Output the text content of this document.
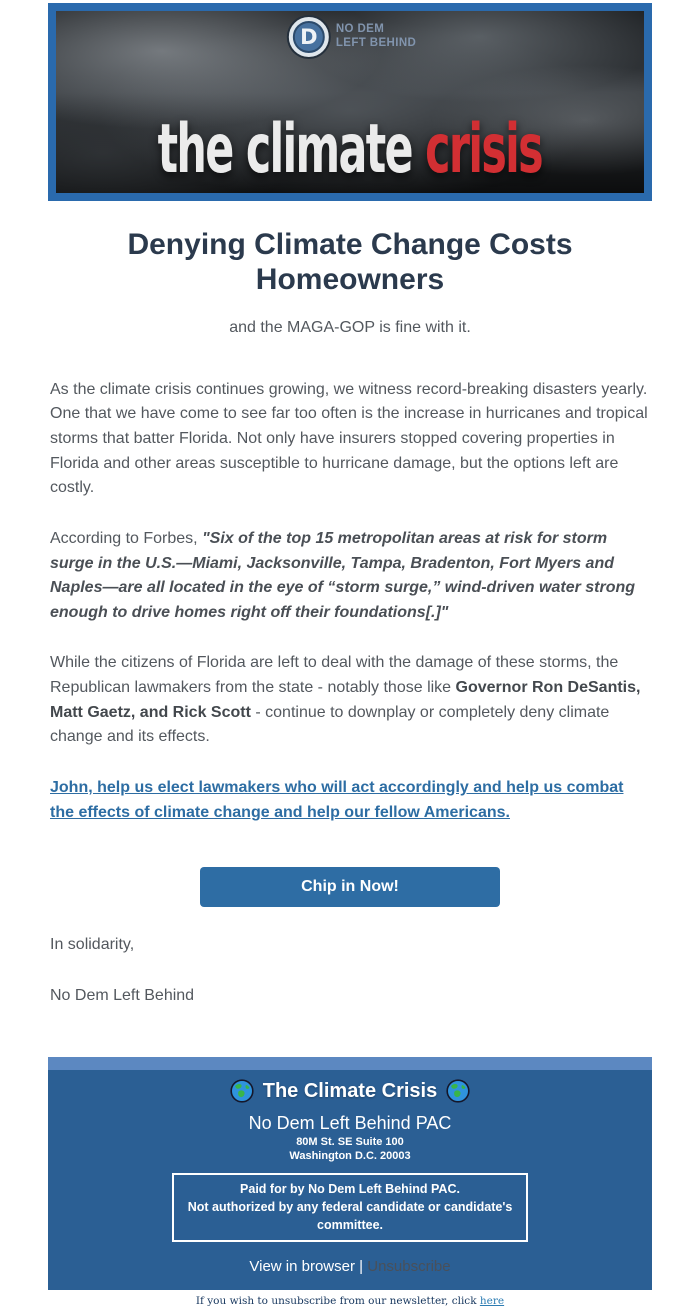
D NO DEM
LEFT BEHIND
the climate crisis
Denying Climate Change Costs Homeowners
and the MAGA-GOP is fine with it.

As the climate crisis continues growing, we witness record-breaking disasters yearly. One that we have come to see far too often is the increase in hurricanes and tropical storms that batter Florida. Not only have insurers stopped covering properties in Florida and other areas susceptible to hurricane damage, but the options left are costly.

According to Forbes, "Six of the top 15 metropolitan areas at risk for storm surge in the U.S.—Miami, Jacksonville, Tampa, Bradenton, Fort Myers and Naples—are all located in the eye of “storm surge,” wind-driven water strong enough to drive homes right off their foundations[.]"

While the citizens of Florida are left to deal with the damage of these storms, the Republican lawmakers from the state - notably those like Governor Ron DeSantis, Matt Gaetz, and Rick Scott - continue to downplay or completely deny climate change and its effects.

John, help us elect lawmakers who will act accordingly and help us combat the effects of climate change and help our fellow Americans.

Chip in Now!

In solidarity,

No Dem Left Behind

The Climate Crisis
No Dem Left Behind PAC
80M St. SE Suite 100
Washington D.C. 20003
Paid for by No Dem Left Behind PAC.
Not authorized by any federal candidate or candidate's committee.
View in browser | Unsubscribe
If you wish to unsubscribe from our newsletter, click here
